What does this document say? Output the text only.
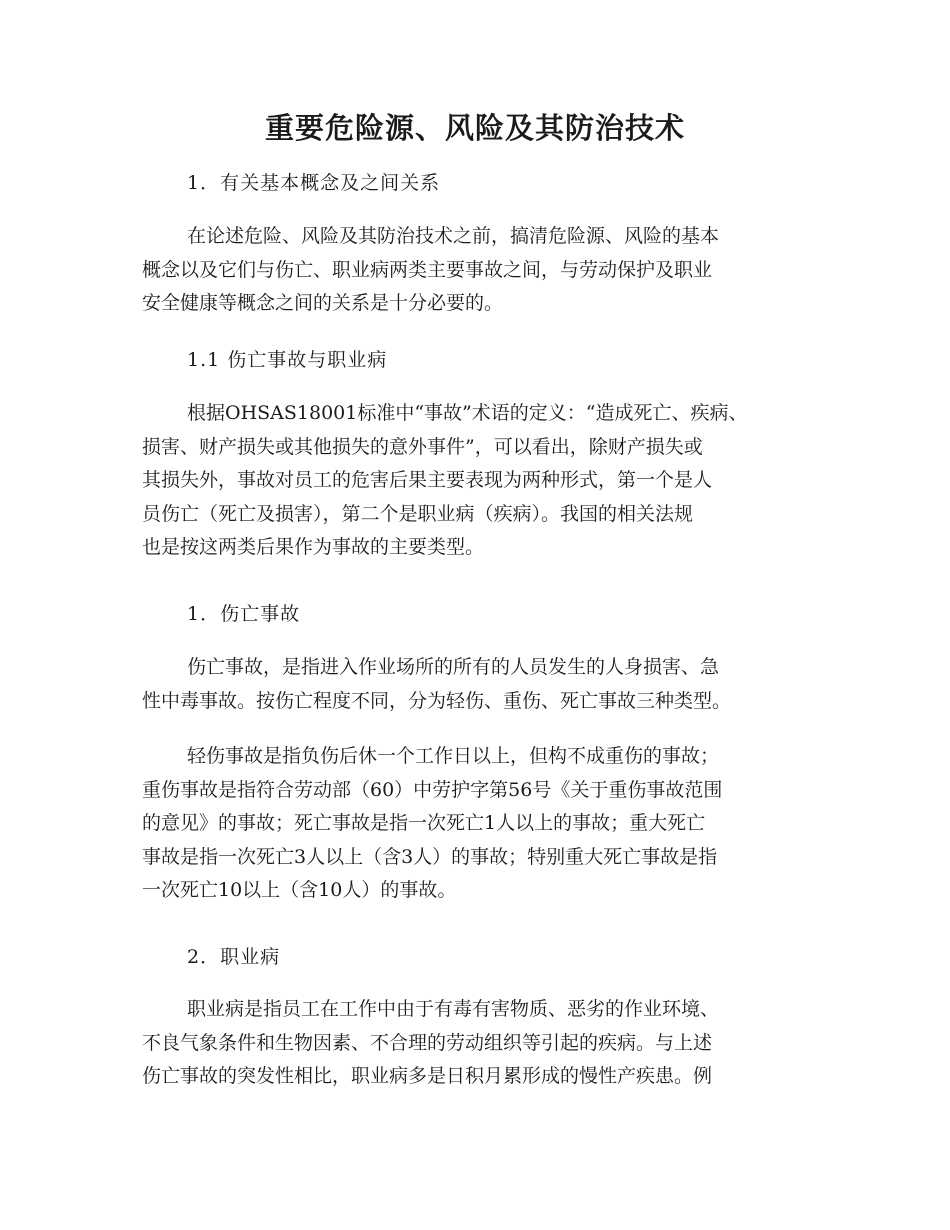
重要危险源、风险及其防治技术
1．有关基本概念及之间关系
在论述危险、风险及其防治技术之前，搞清危险源、风险的基本
概念以及它们与伤亡、职业病两类主要事故之间，与劳动保护及职业
安全健康等概念之间的关系是十分必要的。
1.1 伤亡事故与职业病
根据OHSAS18001标准中“事故”术语的定义：“造成死亡、疾病、
损害、财产损失或其他损失的意外事件”，可以看出，除财产损失或
其损失外，事故对员工的危害后果主要表现为两种形式，第一个是人
员伤亡（死亡及损害），第二个是职业病（疾病）。我国的相关法规
也是按这两类后果作为事故的主要类型。
1．伤亡事故
伤亡事故，是指进入作业场所的所有的人员发生的人身损害、急
性中毒事故。按伤亡程度不同，分为轻伤、重伤、死亡事故三种类型。
轻伤事故是指负伤后休一个工作日以上，但构不成重伤的事故；
重伤事故是指符合劳动部（60）中劳护字第56号《关于重伤事故范围
的意见》的事故；死亡事故是指一次死亡1人以上的事故；重大死亡
事故是指一次死亡3人以上（含3人）的事故；特别重大死亡事故是指
一次死亡10以上（含10人）的事故。
2．职业病
职业病是指员工在工作中由于有毒有害物质、恶劣的作业环境、
不良气象条件和生物因素、不合理的劳动组织等引起的疾病。与上述
伤亡事故的突发性相比，职业病多是日积月累形成的慢性产疾患。例
